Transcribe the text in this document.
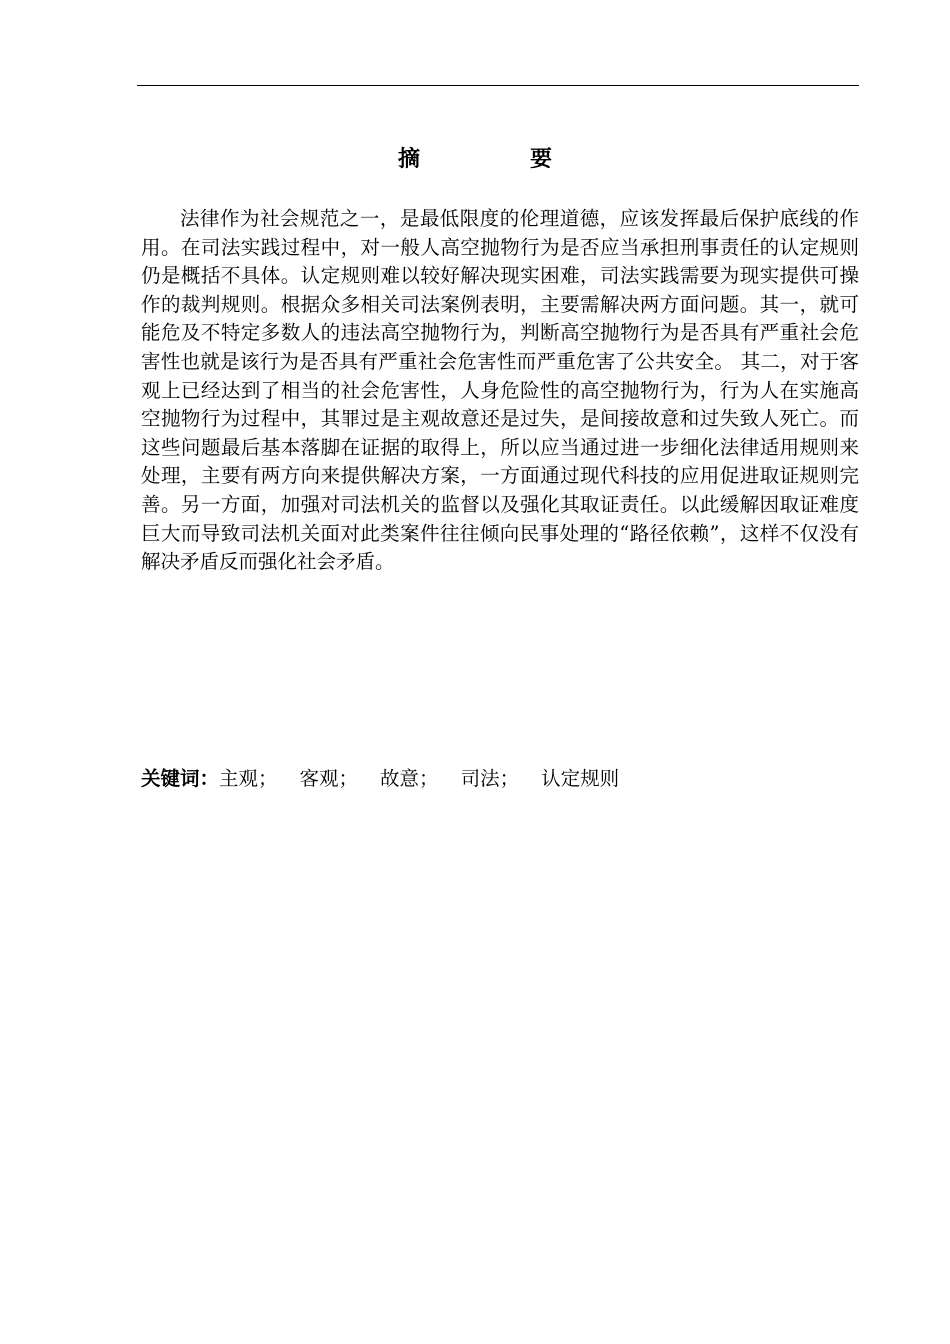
摘　要

法律作为社会规范之一，是最低限度的伦理道德，应该发挥最后保护底线的作用。在司法实践过程中，对一般人高空抛物行为是否应当承担刑事责任的认定规则仍是概括不具体。认定规则难以较好解决现实困难，司法实践需要为现实提供可操作的裁判规则。根据众多相关司法案例表明，主要需解决两方面问题。其一，就可能危及不特定多数人的违法高空抛物行为，判断高空抛物行为是否具有严重社会危害性也就是该行为是否具有严重社会危害性而严重危害了公共安全。 其二，对于客观上已经达到了相当的社会危害性，人身危险性的高空抛物行为，行为人在实施高空抛物行为过程中，其罪过是主观故意还是过失，是间接故意和过失致人死亡。而这些问题最后基本落脚在证据的取得上，所以应当通过进一步细化法律适用规则来处理，主要有两方向来提供解决方案，一方面通过现代科技的应用促进取证规则完善。另一方面，加强对司法机关的监督以及强化其取证责任。以此缓解因取证难度巨大而导致司法机关面对此类案件往往倾向民事处理的“路径依赖”，这样不仅没有解决矛盾反而强化社会矛盾。

关键词：主观； 客观； 故意； 司法； 认定规则
